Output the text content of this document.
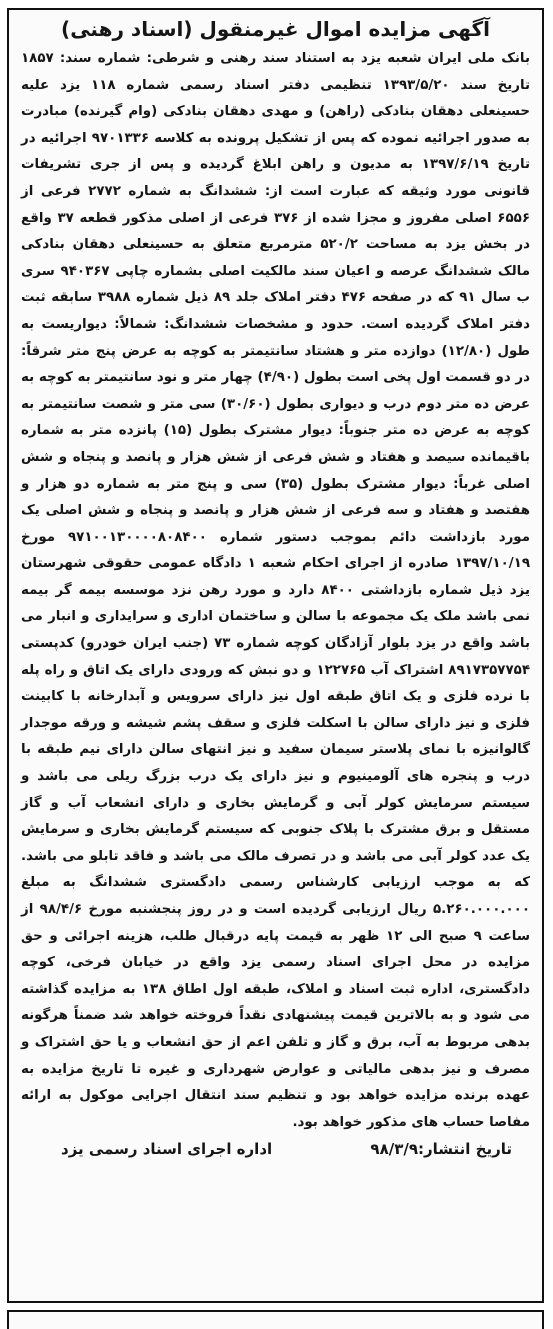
آگهی مزایده اموال غیرمنقول (اسناد رهنی)

بانک ملی ایران شعبه یزد به استناد سند رهنی و شرطی: شماره سند: ۱۸۵۷ تاریخ سند ۱۳۹۳/۵/۲۰ تنظیمی دفتر اسناد رسمی شماره ۱۱۸ یزد علیه حسینعلی دهقان بنادکی (راهن) و مهدی دهقان بنادکی (وام گیرنده) مبادرت به صدور اجرائیه نموده که پس از تشکیل پرونده به کلاسه ۹۷۰۱۳۳۶ اجرائیه در تاریخ ۱۳۹۷/۶/۱۹ به مدیون و راهن ابلاغ گردیده و پس از جری تشریفات قانونی مورد وثیقه که عبارت است از: ششدانگ به شماره ۲۷۷۲ فرعی از ۶۵۵۶ اصلی مفروز و مجزا شده از ۳۷۶ فرعی از اصلی مذکور قطعه ۳۷ واقع در بخش یزد به مساحت ۵۲۰/۲ مترمربع متعلق به حسینعلی دهقان بنادکی مالک ششدانگ عرصه و اعیان سند مالکیت اصلی بشماره چاپی ۹۴۰۳۶۷ سری ب سال ۹۱ که در صفحه ۴۷۶ دفتر املاک جلد ۸۹ ذیل شماره ۳۹۸۸ سابقه ثبت دفتر املاک گردیده است. حدود و مشخصات ششدانگ: شمالاً: دیواریست به طول (۱۲/۸۰) دوازده متر و هشتاد سانتیمتر به کوچه به عرض پنج متر شرقاً: در دو قسمت اول پخی است بطول (۴/۹۰) چهار متر و نود سانتیمتر به کوچه به عرض ده متر دوم درب و دیواری بطول (۳۰/۶۰) سی متر و شصت سانتیمتر به کوچه به عرض ده متر جنوباً: دیوار مشترک بطول (۱۵) پانزده متر به شماره باقیمانده سیصد و هفتاد و شش فرعی از شش هزار و پانصد و پنجاه و شش اصلی غرباً: دیوار مشترک بطول (۳۵) سی و پنج متر به شماره دو هزار و هفتصد و هفتاد و سه فرعی از شش هزار و پانصد و پنجاه و شش اصلی یک مورد بازداشت دائم بموجب دستور شماره ۹۷۱۰۰۱۳۰۰۰۰۸۰۸۴۰۰ مورخ ۱۳۹۷/۱۰/۱۹ صادره از اجرای احکام شعبه ۱ دادگاه عمومی حقوقی شهرستان یزد ذیل شماره بازداشتی ۸۴۰۰ دارد و مورد رهن نزد موسسه بیمه گر بیمه نمی باشد ملک یک مجموعه با سالن و ساختمان اداری و سرایداری و انبار می باشد واقع در یزد بلوار آزادگان کوچه شماره ۷۳ (جنب ایران خودرو) کدپستی ۸۹۱۷۳۵۷۷۵۴ اشتراک آب ۱۲۲۷۶۵ و دو نبش که ورودی دارای یک اتاق و راه پله با نرده فلزی و یک اتاق طبقه اول نیز دارای سرویس و آبدارخانه با کابینت فلزی و نیز دارای سالن با اسکلت فلزی و سقف پشم شیشه و ورقه موجدار گالوانیزه با نمای پلاستر سیمان سفید و نیز انتهای سالن دارای نیم طبقه با درب و پنجره های آلومینیوم و نیز دارای یک درب بزرگ ریلی می باشد و سیستم سرمایش کولر آبی و گرمایش بخاری و دارای انشعاب آب و گاز مستقل و برق مشترک با پلاک جنوبی که سیستم گرمایش بخاری و سرمایش یک عدد کولر آبی می باشد و در تصرف مالک می باشد و فاقد تابلو می باشد. که به موجب ارزیابی کارشناس رسمی دادگستری ششدانگ به مبلغ ۵.۲۶۰.۰۰۰.۰۰۰ ریال ارزیابی گردیده است و در روز پنجشنبه مورخ ۹۸/۴/۶ از ساعت ۹ صبح الی ۱۲ ظهر به قیمت پایه درقبال طلب، هزینه اجرائی و حق مزایده در محل اجرای اسناد رسمی یزد واقع در خیابان فرخی، کوچه دادگستری، اداره ثبت اسناد و املاک، طبقه اول اطاق ۱۳۸ به مزایده گذاشته می شود و به بالاترین قیمت پیشنهادی نقداً فروخته خواهد شد ضمناً هرگونه بدهی مربوط به آب، برق و گاز و تلفن اعم از حق انشعاب و یا حق اشتراک و مصرف و نیز بدهی مالیاتی و عوارض شهرداری و غیره تا تاریخ مزایده به عهده برنده مزایده خواهد بود و تنظیم سند انتقال اجرایی موکول به ارائه مفاصا حساب های مذکور خواهد بود.

تاریخ انتشار:۹۸/۳/۹
اداره اجرای اسناد رسمی یزد
